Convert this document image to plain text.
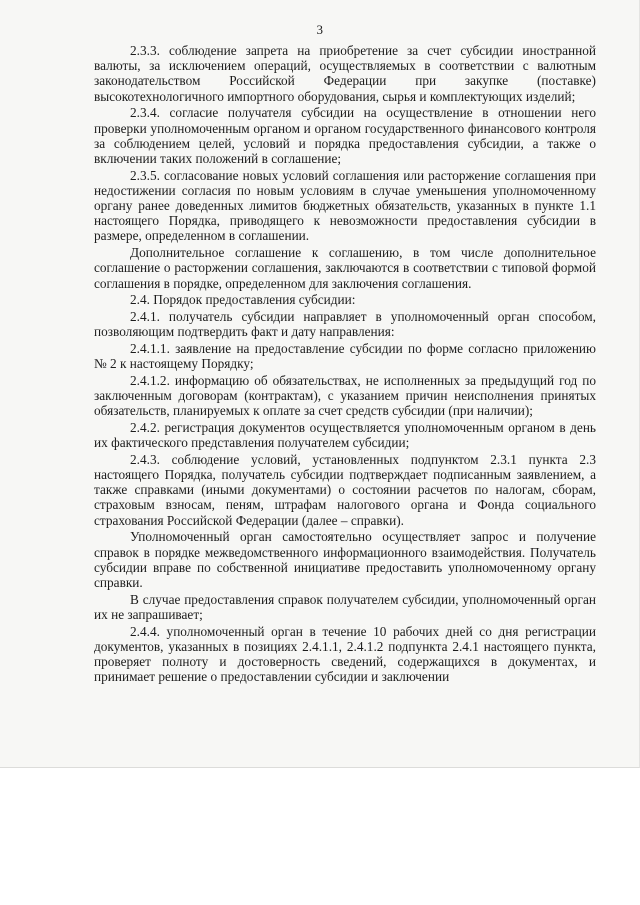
3

2.3.3. соблюдение запрета на приобретение за счет субсидии иностранной валюты, за исключением операций, осуществляемых в соответствии с валютным законодательством Российской Федерации при закупке (поставке) высокотехнологичного импортного оборудования, сырья и комплектующих изделий;

2.3.4. согласие получателя субсидии на осуществление в отношении него проверки уполномоченным органом и органом государственного финансового контроля за соблюдением целей, условий и порядка предоставления субсидии, а также о включении таких положений в соглашение;

2.3.5. согласование новых условий соглашения или расторжение соглашения при недостижении согласия по новым условиям в случае уменьшения уполномоченному органу ранее доведенных лимитов бюджетных обязательств, указанных в пункте 1.1 настоящего Порядка, приводящего к невозможности предоставления субсидии в размере, определенном в соглашении.

Дополнительное соглашение к соглашению, в том числе дополнительное соглашение о расторжении соглашения, заключаются в соответствии с типовой формой соглашения в порядке, определенном для заключения соглашения.

2.4. Порядок предоставления субсидии:

2.4.1. получатель субсидии направляет в уполномоченный орган способом, позволяющим подтвердить факт и дату направления:

2.4.1.1. заявление на предоставление субсидии по форме согласно приложению № 2 к настоящему Порядку;

2.4.1.2. информацию об обязательствах, не исполненных за предыдущий год по заключенным договорам (контрактам), с указанием причин неисполнения принятых обязательств, планируемых к оплате за счет средств субсидии (при наличии);

2.4.2. регистрация документов осуществляется уполномоченным органом в день их фактического представления получателем субсидии;

2.4.3. соблюдение условий, установленных подпунктом 2.3.1 пункта 2.3 настоящего Порядка, получатель субсидии подтверждает подписанным заявлением, а также справками (иными документами) о состоянии расчетов по налогам, сборам, страховым взносам, пеням, штрафам налогового органа и Фонда социального страхования Российской Федерации (далее – справки).

Уполномоченный орган самостоятельно осуществляет запрос и получение справок в порядке межведомственного информационного взаимодействия. Получатель субсидии вправе по собственной инициативе предоставить уполномоченному органу справки.

В случае предоставления справок получателем субсидии, уполномоченный орган их не запрашивает;

2.4.4. уполномоченный орган в течение 10 рабочих дней со дня регистрации документов, указанных в позициях 2.4.1.1, 2.4.1.2 подпункта 2.4.1 настоящего пункта, проверяет полноту и достоверность сведений, содержащихся в документах, и принимает решение о предоставлении субсидии и заключении
